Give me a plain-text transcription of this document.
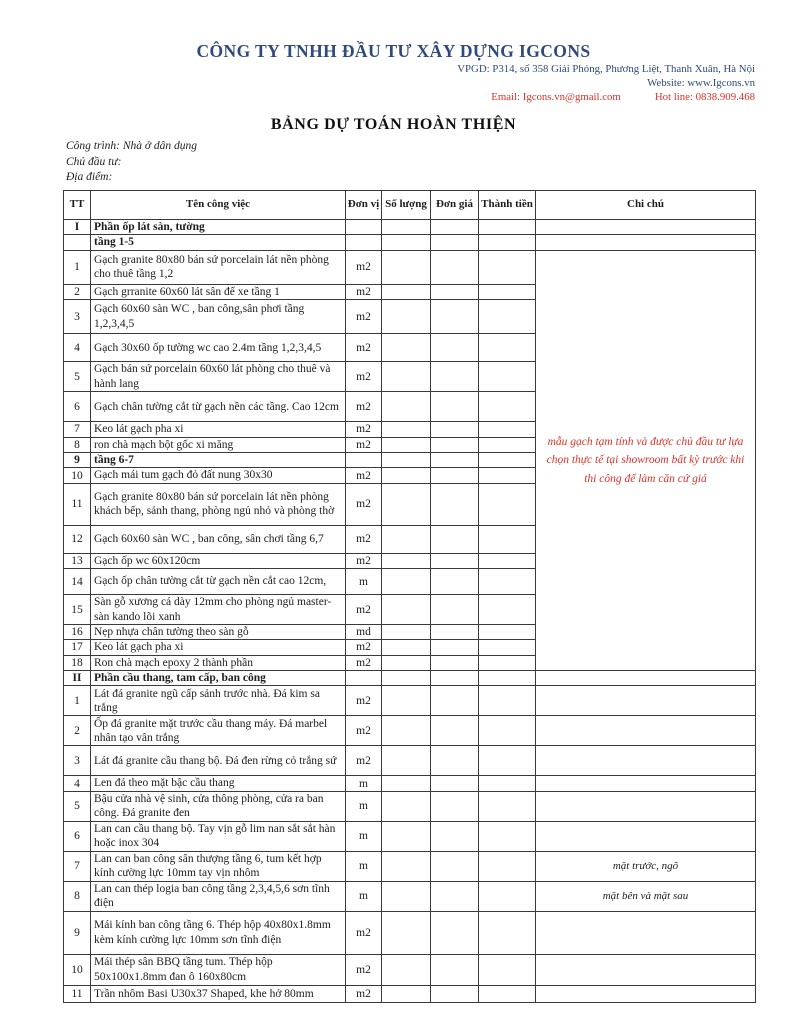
CÔNG TY TNHH ĐẦU TƯ XÂY DỰNG IGCONS
VPGD: P314, số 358 Giải Phóng, Phương Liệt, Thanh Xuân, Hà Nội
Website: www.Igcons.vn
Email: Igcons.vn@gmail.com	Hot line: 0838.909.468
BẢNG DỰ TOÁN HOÀN THIỆN
Công trình: Nhà ở dân dụng
Chủ đầu tư:
Địa điểm:
TT	Tên công việc	Đơn vị	Số lượng	Đơn giá	Thành tiền	Chi chú
I	Phần ốp lát sàn, tường					
	tầng 1-5					
1	Gạch granite 80x80 bán sứ porcelain lát nền phòng cho thuê tầng 1,2	m2				mẫu gạch tạm tính và được chủ đầu tư lựa chọn thực tế tại showroom bất kỳ trước khi thi công để làm căn cứ giá
2	Gạch grranite 60x60 lát sân để xe tầng 1	m2				
3	Gạch 60x60 sàn WC , ban công,sân phơi tầng 1,2,3,4,5	m2				
4	Gạch 30x60 ốp tường wc cao 2.4m tầng 1,2,3,4,5	m2				
5	Gạch bán sứ porcelain 60x60 lát phòng cho thuê và hành lang	m2				
6	Gạch chân tường cắt từ gạch nền các tầng. Cao 12cm	m2				
7	Keo lát gạch pha xi	m2				
8	ron chà mạch bột gốc xi măng	m2				
9	tầng 6-7					
10	Gạch mái tum gạch đỏ đất nung 30x30	m2				
11	Gạch granite 80x80 bán sứ porcelain lát nền phòng khách bếp, sảnh thang, phòng ngủ nhỏ và phòng thờ	m2				
12	Gạch 60x60 sàn WC , ban công, sân chơi tầng 6,7	m2				
13	Gạch ốp wc 60x120cm	m2				
14	Gạch ốp chân tường cắt từ gạch nền cắt cao 12cm,	m				
15	Sàn gỗ xương cá dày 12mm cho phòng ngủ master- sàn kando lõi xanh	m2				
16	Nẹp nhựa chân tường theo sàn gỗ	md				
17	Keo lát gạch pha xi	m2				
18	Ron chà mạch epoxy 2 thành phần	m2				
II	Phần cầu thang, tam cấp, ban công					
1	Lát đá granite ngũ cấp sảnh trước nhà. Đá kim sa trắng	m2				
2	Ốp đá granite mặt trước cầu thang máy. Đá marbel nhân tạo vân trắng	m2				
3	Lát đá granite cầu thang bộ. Đá đen rừng cỏ trắng sứ	m2				
4	Len đá theo mặt bậc cầu thang	m				
5	Bậu cửa nhà vệ sinh, cửa thông phòng, cửa ra ban công. Đá granite đen	m				
6	Lan can cầu thang bộ. Tay vịn gỗ lim nan sắt sắt hàn hoặc inox 304	m				
7	Lan can ban công sân thượng tầng 6, tum kết hợp kính cường lực 10mm tay vịn nhôm	m				mặt trước, ngõ
8	Lan can thép logia ban công tầng 2,3,4,5,6 sơn tĩnh điện	m				mặt bên và mặt sau
9	Mái kính ban công tầng 6. Thép hộp 40x80x1.8mm kèm kính cường lực 10mm sơn tĩnh điện	m2				
10	Mái thép sân BBQ tầng tum. Thép hộp 50x100x1.8mm đan ô 160x80cm	m2				
11	Trần nhôm Basi U30x37 Shaped, khe hở 80mm	m2				
